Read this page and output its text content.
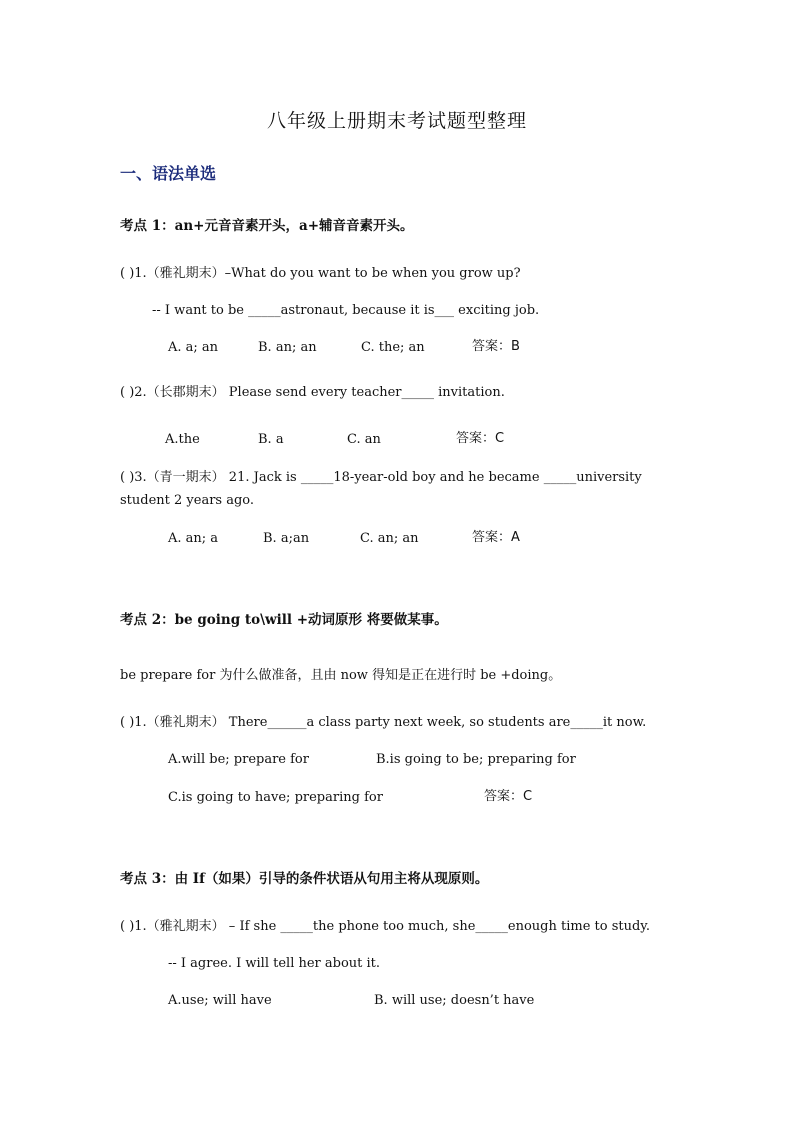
八年级上册期末考试题型整理
一、语法单选
考点 1：an+元音音素开头，a+辅音音素开头。
( )1.（雅礼期末）–What do you want to be when you grow up?
-- I want to be _____astronaut, because it is___ exciting job.
A. a; an	B. an; an	C. the; an	答案：B
( )2.（长郡期末） Please send every teacher_____ invitation.
A.the	B. a	C. an	答案：C
( )3.（青一期末） 21. Jack is _____18-year-old boy and he became _____university
student 2 years ago.
A. an; a	B. a;an	C. an; an	答案：A
考点 2：be going to\will +动词原形 将要做某事。
be prepare for 为什么做准备，且由 now 得知是正在进行时 be +doing。
( )1.（雅礼期末） There______a class party next week, so students are_____it now.
A.will be; prepare for	B.is going to be; preparing for
C.is going to have; preparing for	答案：C
考点 3：由 If（如果）引导的条件状语从句用主将从现原则。
( )1.（雅礼期末） – If she _____the phone too much, she_____enough time to study.
-- I agree. I will tell her about it.
A.use; will have	B. will use; doesn’t have
